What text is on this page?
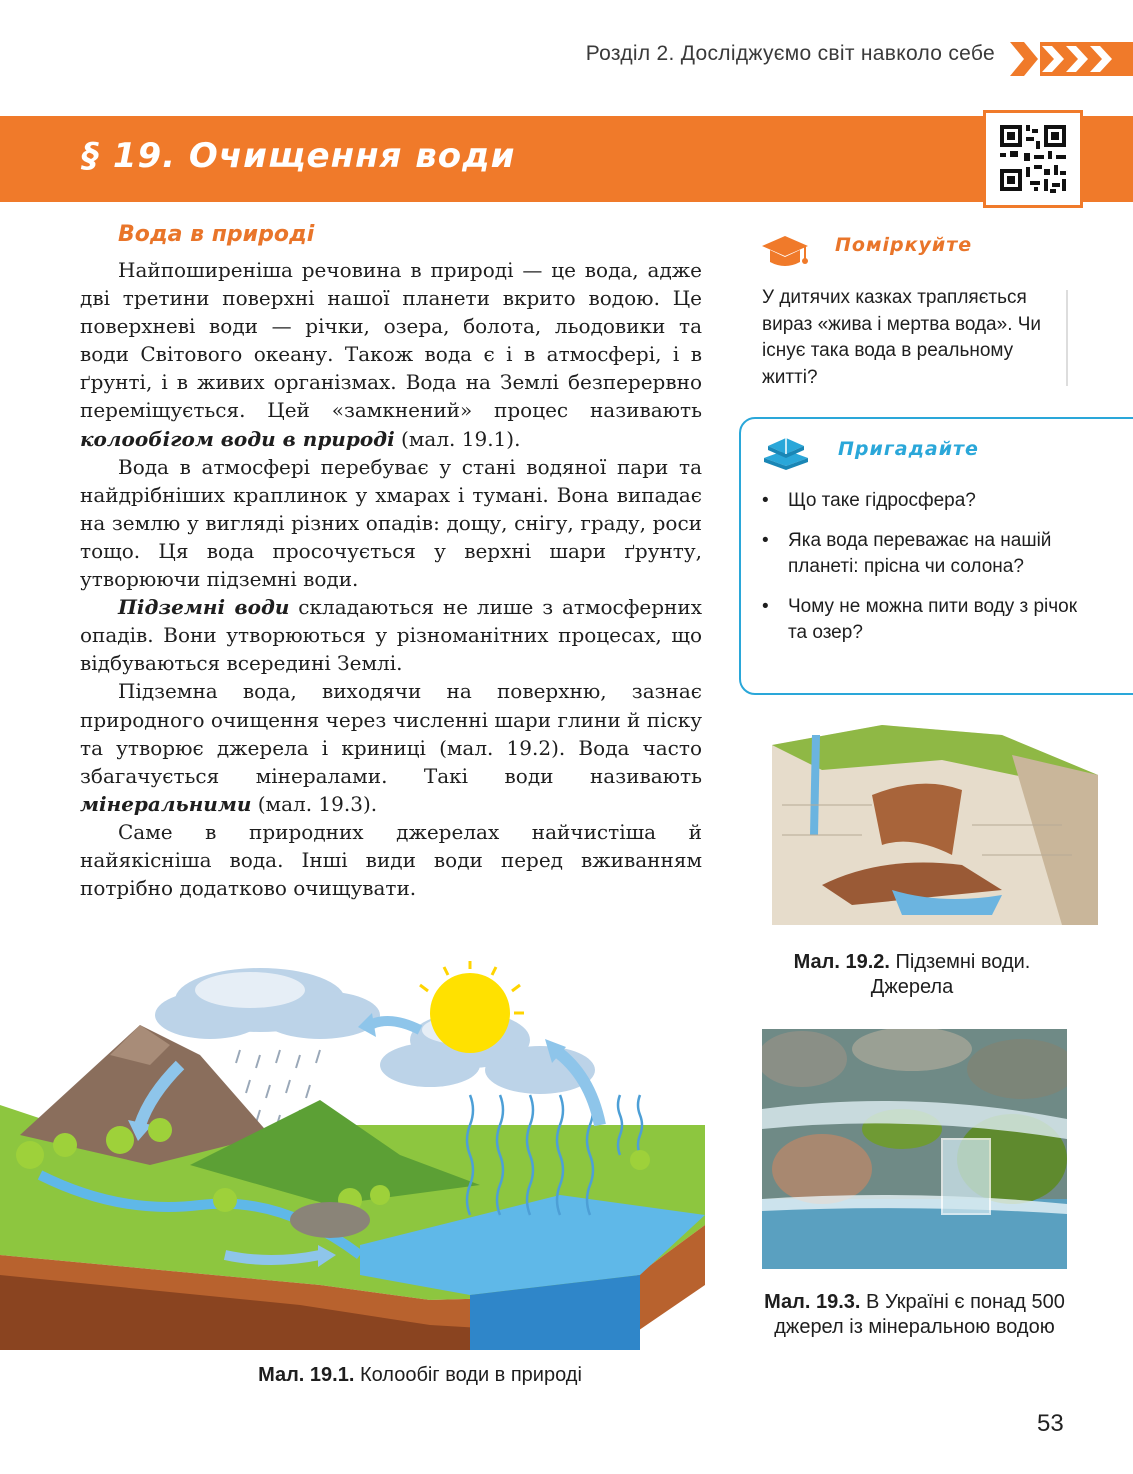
Розділ 2. Досліджуємо світ навколо себе
§ 19. Очищення води
Вода в природі

Найпоширеніша речовина в природі — це вода, адже дві третини поверхні нашої планети вкрито водою. Це поверхневі води — річки, озера, болота, льодовики та води Світового океану. Також вода є і в атмосфері, і в ґрунті, і в живих організмах. Вода на Землі безперервно переміщується. Цей «замкнений» процес називають колообігом води в природі (мал. 19.1).

Вода в атмосфері перебуває у стані водяної пари та найдрібніших краплинок у хмарах і тумані. Вона випадає на землю у вигляді різних опадів: дощу, снігу, граду, роси тощо. Ця вода просочується у верхні шари ґрунту, утворюючи підземні води.

Підземні води складаються не лише з атмосферних опадів. Вони утворюються у різноманітних процесах, що відбуваються всередині Землі.

Підземна вода, виходячи на поверхню, зазнає природного очищення через численні шари глини й піску та утворює джерела і криниці (мал. 19.2). Вода часто збагачується мінералами. Такі води називають мінеральними (мал. 19.3).

Саме в природних джерелах найчистіша й найякісніша вода. Інші види води перед вживанням потрібно додатково очищувати.

Поміркуйте
У дитячих казках трапляється вираз «жива і мертва вода». Чи існує така вода в реальному житті?
Пригадайте
• Що таке гідросфера?
• Яка вода переважає на нашій планеті: прісна чи солона?
• Чому не можна пити воду з річок та озер?
Мал. 19.1. Колообіг води в природі
Мал. 19.2. Підземні води. Джерела
Мал. 19.3. В Україні є понад 500 джерел із мінеральною водою
53
